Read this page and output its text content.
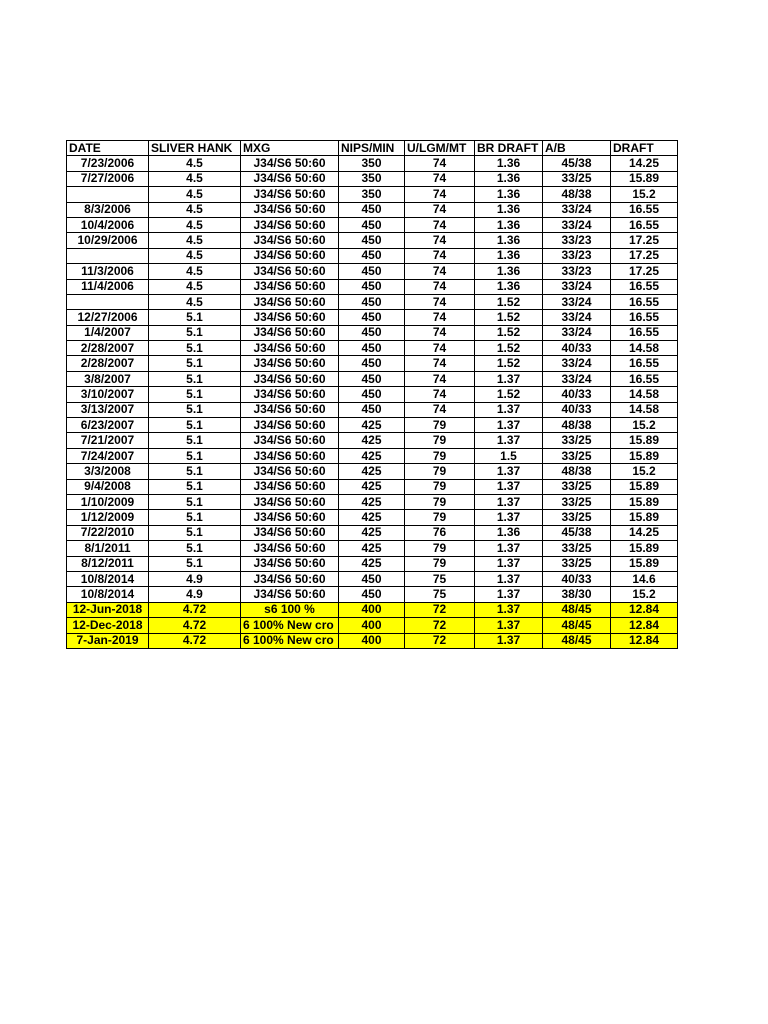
DATE	SLIVER HANK	MXG	NIPS/MIN	U/LGM/MT	BR DRAFT	A/B	DRAFT
7/23/2006	4.5	J34/S6 50:60	350	74	1.36	45/38	14.25
7/27/2006	4.5	J34/S6 50:60	350	74	1.36	33/25	15.89
	4.5	J34/S6 50:60	350	74	1.36	48/38	15.2
8/3/2006	4.5	J34/S6 50:60	450	74	1.36	33/24	16.55
10/4/2006	4.5	J34/S6 50:60	450	74	1.36	33/24	16.55
10/29/2006	4.5	J34/S6 50:60	450	74	1.36	33/23	17.25
	4.5	J34/S6 50:60	450	74	1.36	33/23	17.25
11/3/2006	4.5	J34/S6 50:60	450	74	1.36	33/23	17.25
11/4/2006	4.5	J34/S6 50:60	450	74	1.36	33/24	16.55
	4.5	J34/S6 50:60	450	74	1.52	33/24	16.55
12/27/2006	5.1	J34/S6 50:60	450	74	1.52	33/24	16.55
1/4/2007	5.1	J34/S6 50:60	450	74	1.52	33/24	16.55
2/28/2007	5.1	J34/S6 50:60	450	74	1.52	40/33	14.58
2/28/2007	5.1	J34/S6 50:60	450	74	1.52	33/24	16.55
3/8/2007	5.1	J34/S6 50:60	450	74	1.37	33/24	16.55
3/10/2007	5.1	J34/S6 50:60	450	74	1.52	40/33	14.58
3/13/2007	5.1	J34/S6 50:60	450	74	1.37	40/33	14.58
6/23/2007	5.1	J34/S6 50:60	425	79	1.37	48/38	15.2
7/21/2007	5.1	J34/S6 50:60	425	79	1.37	33/25	15.89
7/24/2007	5.1	J34/S6 50:60	425	79	1.5	33/25	15.89
3/3/2008	5.1	J34/S6 50:60	425	79	1.37	48/38	15.2
9/4/2008	5.1	J34/S6 50:60	425	79	1.37	33/25	15.89
1/10/2009	5.1	J34/S6 50:60	425	79	1.37	33/25	15.89
1/12/2009	5.1	J34/S6 50:60	425	79	1.37	33/25	15.89
7/22/2010	5.1	J34/S6 50:60	425	76	1.36	45/38	14.25
8/1/2011	5.1	J34/S6 50:60	425	79	1.37	33/25	15.89
8/12/2011	5.1	J34/S6 50:60	425	79	1.37	33/25	15.89
10/8/2014	4.9	J34/S6 50:60	450	75	1.37	40/33	14.6
10/8/2014	4.9	J34/S6 50:60	450	75	1.37	38/30	15.2
12-Jun-2018	4.72	s6 100 %	400	72	1.37	48/45	12.84
12-Dec-2018	4.72	6 100% New cro	400	72	1.37	48/45	12.84
7-Jan-2019	4.72	6 100% New cro	400	72	1.37	48/45	12.84
